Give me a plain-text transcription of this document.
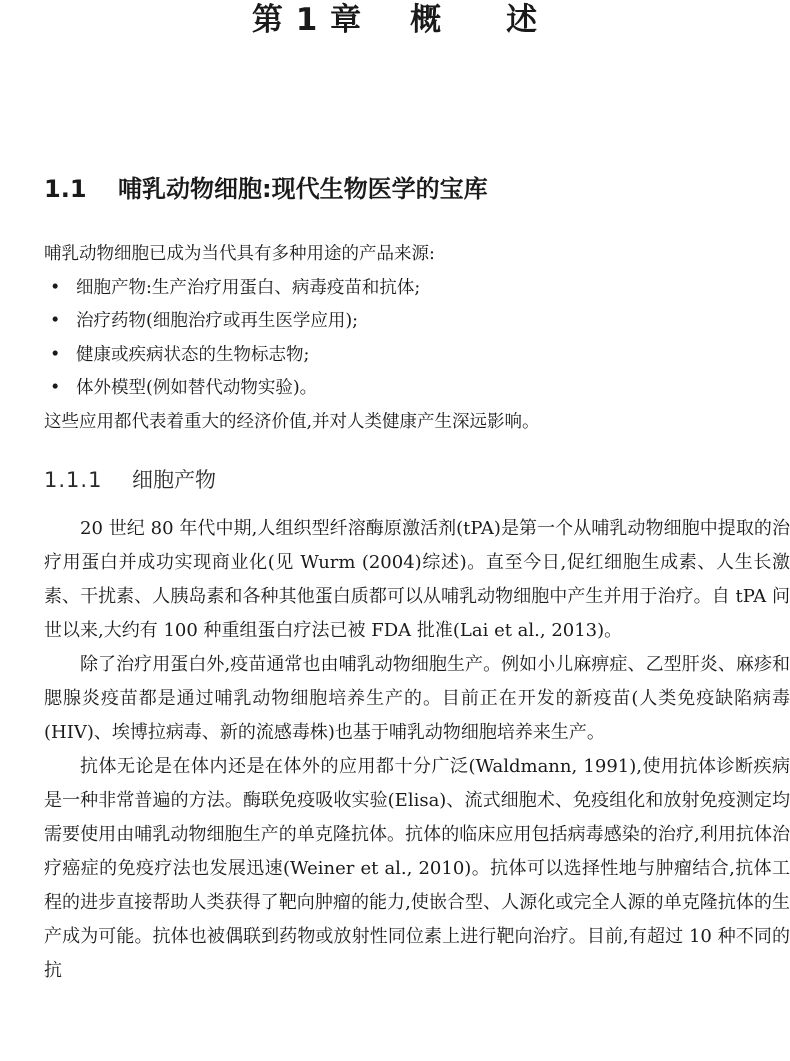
第 1 章 概　　述
1.1 哺乳动物细胞:现代生物医学的宝库

哺乳动物细胞已成为当代具有多种用途的产品来源:

• 细胞产物:生产治疗用蛋白、病毒疫苗和抗体;
• 治疗药物(细胞治疗或再生医学应用);
• 健康或疾病状态的生物标志物;
• 体外模型(例如替代动物实验)。

这些应用都代表着重大的经济价值,并对人类健康产生深远影响。

1.1.1 细胞产物

20 世纪 80 年代中期,人组织型纤溶酶原激活剂(tPA)是第一个从哺乳动物细胞中提取的治疗用蛋白并成功实现商业化(见 Wurm (2004)综述)。直至今日,促红细胞生成素、人生长激素、干扰素、人胰岛素和各种其他蛋白质都可以从哺乳动物细胞中产生并用于治疗。自 tPA 问世以来,大约有 100 种重组蛋白疗法已被 FDA 批准(Lai et al., 2013)。

除了治疗用蛋白外,疫苗通常也由哺乳动物细胞生产。例如小儿麻痹症、乙型肝炎、麻疹和腮腺炎疫苗都是通过哺乳动物细胞培养生产的。目前正在开发的新疫苗(人类免疫缺陷病毒(HIV)、埃博拉病毒、新的流感毒株)也基于哺乳动物细胞培养来生产。

抗体无论是在体内还是在体外的应用都十分广泛(Waldmann, 1991),使用抗体诊断疾病是一种非常普遍的方法。酶联免疫吸收实验(Elisa)、流式细胞术、免疫组化和放射免疫测定均需要使用由哺乳动物细胞生产的单克隆抗体。抗体的临床应用包括病毒感染的治疗,利用抗体治疗癌症的免疫疗法也发展迅速(Weiner et al., 2010)。抗体可以选择性地与肿瘤结合,抗体工程的进步直接帮助人类获得了靶向肿瘤的能力,使嵌合型、人源化或完全人源的单克隆抗体的生产成为可能。抗体也被偶联到药物或放射性同位素上进行靶向治疗。目前,有超过 10 种不同的抗
